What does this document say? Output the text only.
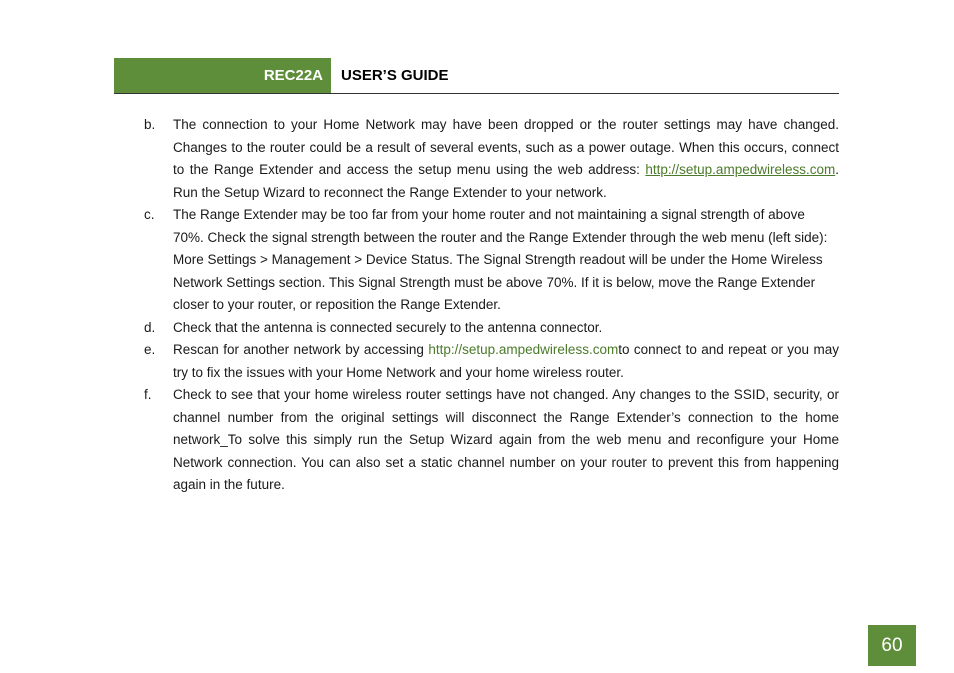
REC22A USER’S GUIDE
b.	The connection to your Home Network may have been dropped or the router settings may have changed. Changes to the router could be a result of several events, such as a power outage. When this occurs, connect to the Range Extender and access the setup menu using the web address: http://setup.ampedwireless.com. Run the Setup Wizard to reconnect the Range Extender to your network.
c.	The Range Extender may be too far from your home router and not maintaining a signal strength of above 70%. Check the signal strength between the router and the Range Extender through the web menu (left side): More Settings > Management > Device Status. The Signal Strength readout will be under the Home Wireless Network Settings section. This Signal Strength must be above 70%. If it is below, move the Range Extender closer to your router, or reposition the Range Extender.
d.	Check that the antenna is connected securely to the antenna connector.
e.	Rescan for another network by accessing http://setup.ampedwireless.comto connect to and repeat or you may try to fix the issues with your Home Network and your home wireless router.
f.	Check to see that your home wireless router settings have not changed. Any changes to the SSID, security, or channel number from the original settings will disconnect the Range Extender’s connection to the home network_To solve this simply run the Setup Wizard again from the web menu and reconfigure your Home Network connection. You can also set a static channel number on your router to prevent this from happening again in the future.
60
